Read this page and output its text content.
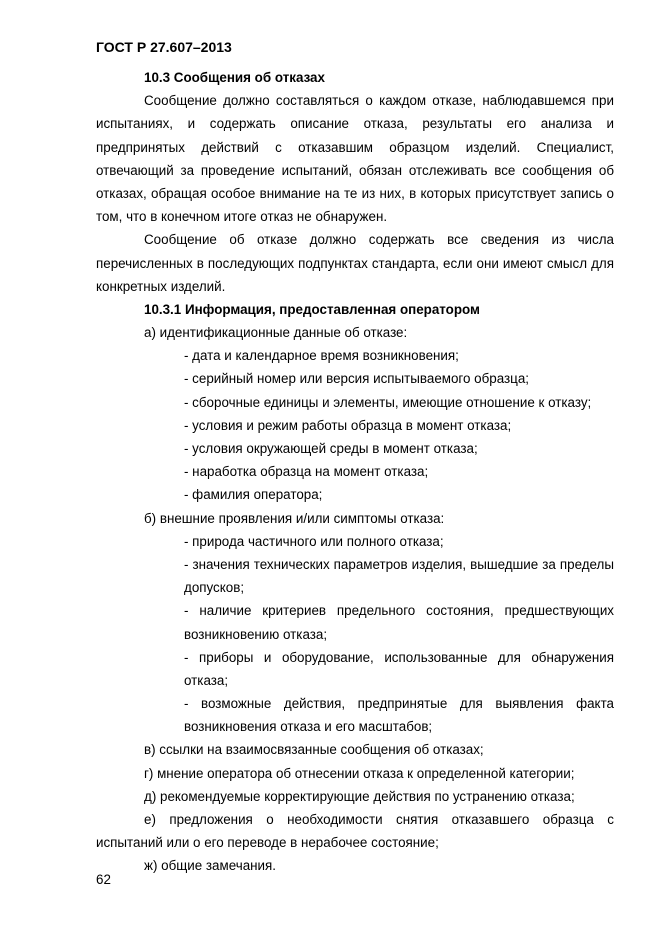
ГОСТ Р 27.607–2013
10.3 Сообщения об отказах
Сообщение должно составляться о каждом отказе, наблюдавшемся при
испытаниях, и содержать описание отказа, результаты его анализа и
предпринятых действий с отказавшим образцом изделий. Специалист,
отвечающий за проведение испытаний, обязан отслеживать все сообщения об
отказах, обращая особое внимание на те из них, в которых присутствует запись о
том, что в конечном итоге отказ не обнаружен.
Сообщение об отказе должно содержать все сведения из числа
перечисленных в последующих подпунктах стандарта, если они имеют смысл для
конкретных изделий.
10.3.1 Информация, предоставленная оператором
а) идентификационные данные об отказе:
- дата и календарное время возникновения;
- серийный номер или версия испытываемого образца;
- сборочные единицы и элементы, имеющие отношение к отказу;
- условия и режим работы образца в момент отказа;
- условия окружающей среды в момент отказа;
- наработка образца на момент отказа;
- фамилия оператора;
б) внешние проявления и/или симптомы отказа:
- природа частичного или полного отказа;
- значения технических параметров изделия, вышедшие за пределы
допусков;
- наличие критериев предельного состояния, предшествующих
возникновению отказа;
- приборы и оборудование, использованные для обнаружения
отказа;
- возможные действия, предпринятые для выявления факта
возникновения отказа и его масштабов;
в) ссылки на взаимосвязанные сообщения об отказах;
г) мнение оператора об отнесении отказа к определенной категории;
д) рекомендуемые корректирующие действия по устранению отказа;
е) предложения о необходимости снятия отказавшего образца с
испытаний или о его переводе в нерабочее состояние;
ж) общие замечания.
62
